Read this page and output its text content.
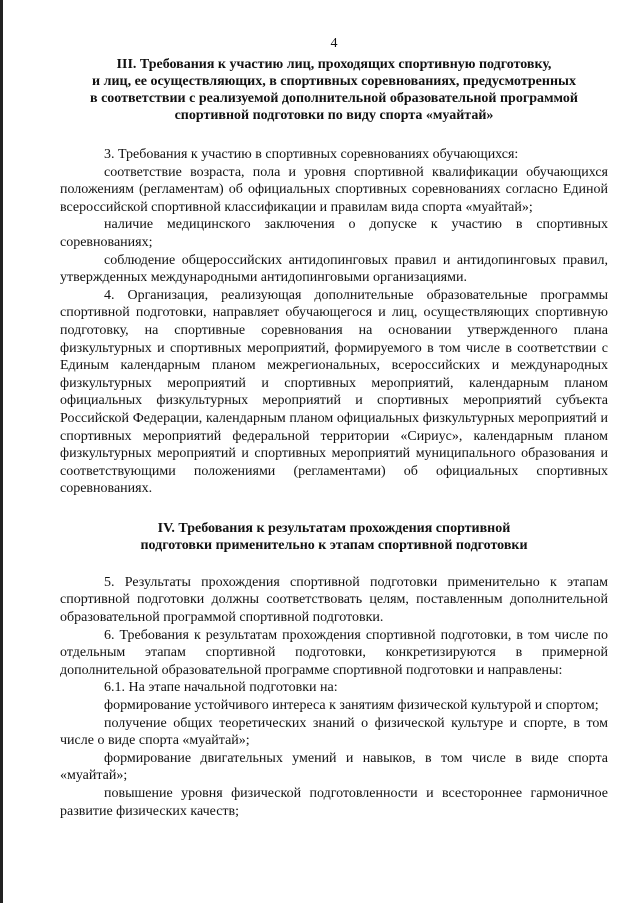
4
III. Требования к участию лиц, проходящих спортивную подготовку,
и лиц, ее осуществляющих, в спортивных соревнованиях, предусмотренных
в соответствии с реализуемой дополнительной образовательной программой
спортивной подготовки по виду спорта «муайтай»

3. Требования к участию в спортивных соревнованиях обучающихся:

соответствие возраста, пола и уровня спортивной квалификации обучающихся положениям (регламентам) об официальных спортивных соревнованиях согласно Единой всероссийской спортивной классификации и правилам вида спорта «муайтай»;

наличие медицинского заключения о допуске к участию в спортивных соревнованиях;

соблюдение общероссийских антидопинговых правил и антидопинговых правил, утвержденных международными антидопинговыми организациями.

4. Организация, реализующая дополнительные образовательные программы спортивной подготовки, направляет обучающегося и лиц, осуществляющих спортивную подготовку, на спортивные соревнования на основании утвержденного плана физкультурных и спортивных мероприятий, формируемого в том числе в соответствии с Единым календарным планом межрегиональных, всероссийских и международных физкультурных мероприятий и спортивных мероприятий, календарным планом официальных физкультурных мероприятий и спортивных мероприятий субъекта Российской Федерации, календарным планом официальных физкультурных мероприятий и спортивных мероприятий федеральной территории «Сириус», календарным планом физкультурных мероприятий и спортивных мероприятий муниципального образования и соответствующими положениями (регламентами) об официальных спортивных соревнованиях.

IV. Требования к результатам прохождения спортивной
подготовки применительно к этапам спортивной подготовки

5. Результаты прохождения спортивной подготовки применительно к этапам спортивной подготовки должны соответствовать целям, поставленным дополнительной образовательной программой спортивной подготовки.

6. Требования к результатам прохождения спортивной подготовки, в том числе по отдельным этапам спортивной подготовки, конкретизируются в примерной дополнительной образовательной программе спортивной подготовки и направлены:

6.1. На этапе начальной подготовки на:

формирование устойчивого интереса к занятиям физической культурой и спортом;

получение общих теоретических знаний о физической культуре и спорте, в том числе о виде спорта «муайтай»;

формирование двигательных умений и навыков, в том числе в виде спорта «муайтай»;

повышение уровня физической подготовленности и всестороннее гармоничное развитие физических качеств;
